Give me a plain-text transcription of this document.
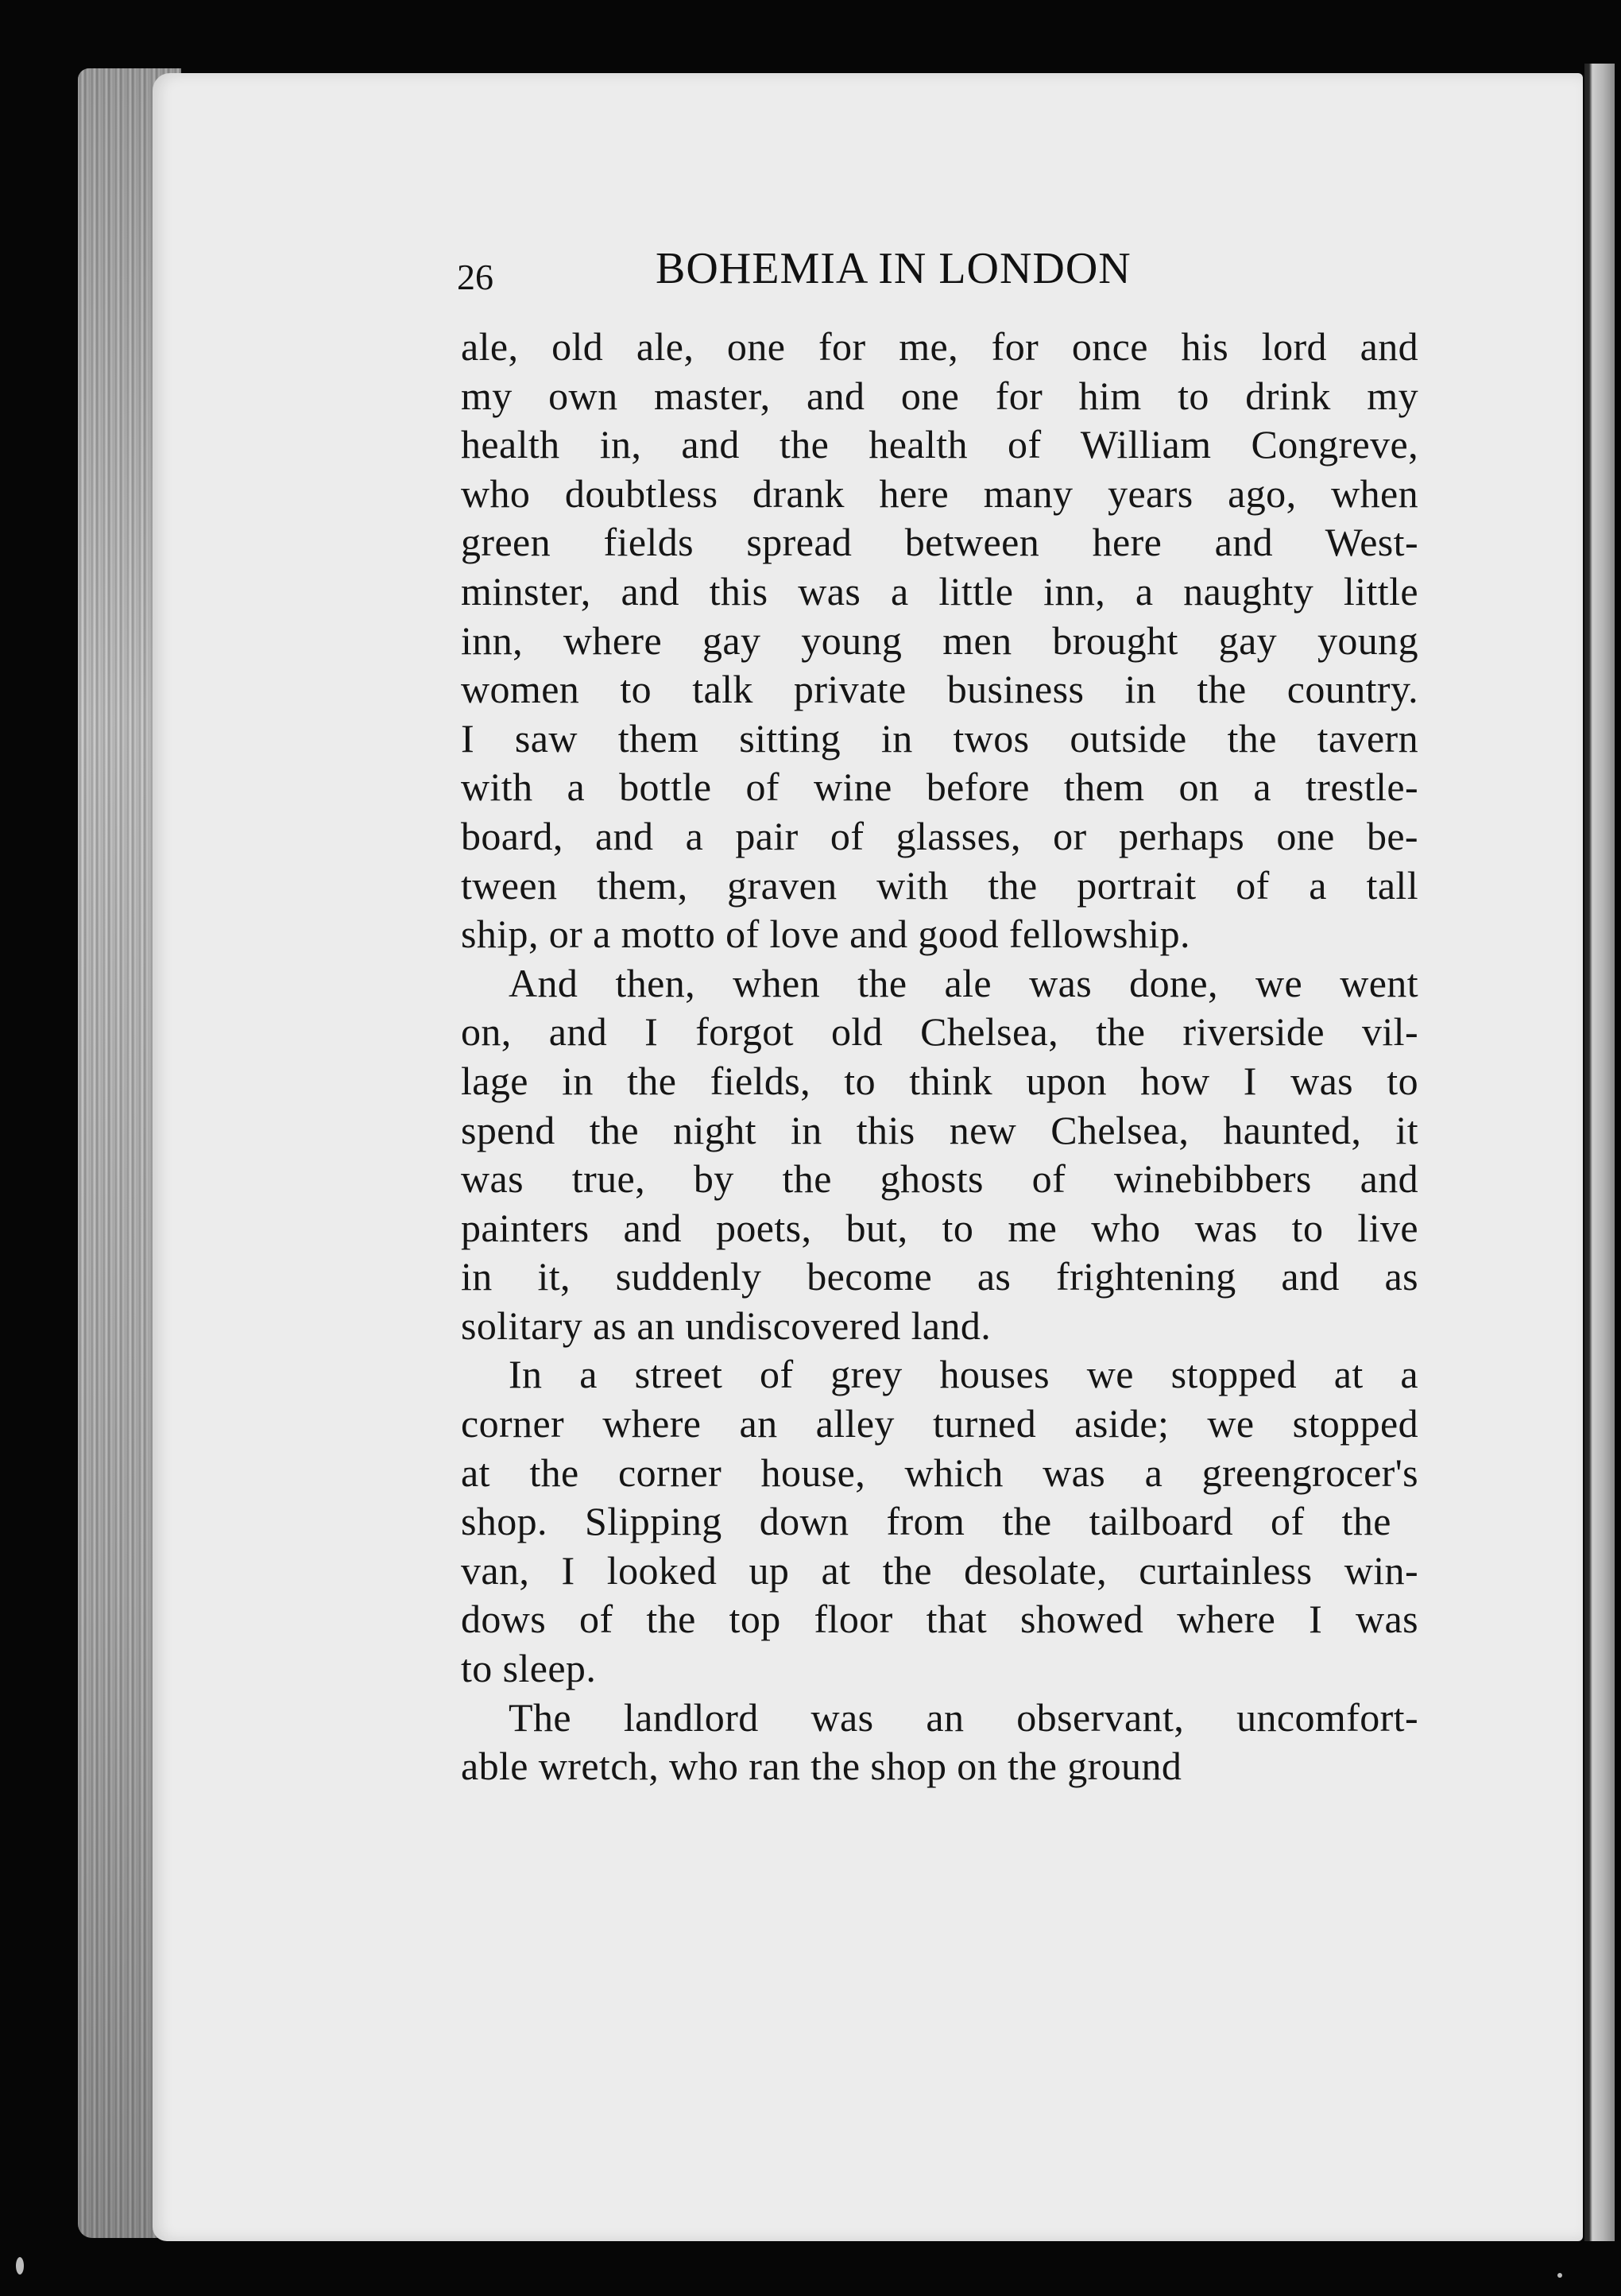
26	BOHEMIA IN LONDON
ale, old ale, one for me, for once his lord and
my own master, and one for him to drink my
health in, and the health of William Congreve,
who doubtless drank here many years ago, when
green fields spread between here and West-
minster, and this was a little inn, a naughty little
inn, where gay young men brought gay young
women to talk private business in the country.
I saw them sitting in twos outside the tavern
with a bottle of wine before them on a trestle-
board, and a pair of glasses, or perhaps one be-
tween them, graven with the portrait of a tall
ship, or a motto of love and good fellowship.
And then, when the ale was done, we went
on, and I forgot old Chelsea, the riverside vil-
lage in the fields, to think upon how I was to
spend the night in this new Chelsea, haunted, it
was true, by the ghosts of winebibbers and
painters and poets, but, to me who was to live
in it, suddenly become as frightening and as
solitary as an undiscovered land.
In a street of grey houses we stopped at a
corner where an alley turned aside; we stopped
at the corner house, which was a greengrocer's
shop. Slipping down from the tailboard of the
van, I looked up at the desolate, curtainless win-
dows of the top floor that showed where I was
to sleep.
The landlord was an observant, uncomfort-
able wretch, who ran the shop on the ground
